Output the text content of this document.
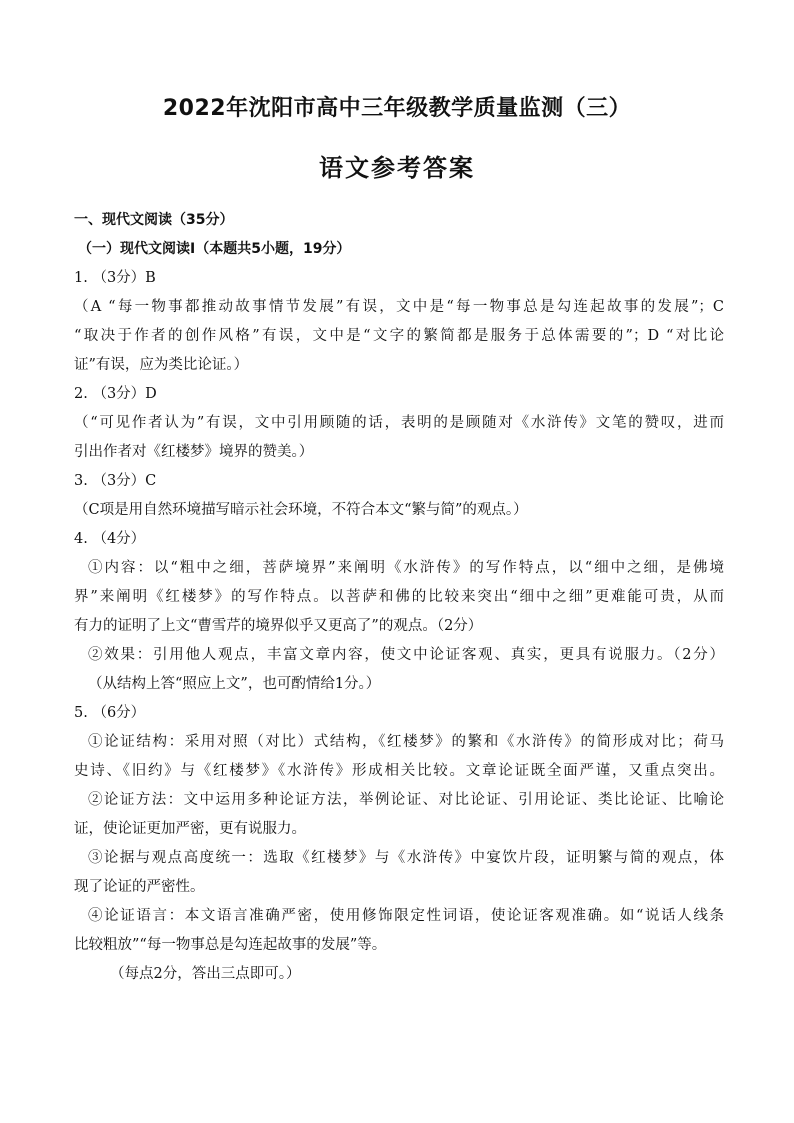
2022年沈阳市高中三年级教学质量监测（三）
语文参考答案
一、现代文阅读（35分）
（一）现代文阅读Ⅰ（本题共5小题，19分）
1. （3分）B
（A “每一物事都推动故事情节发展”有误，文中是“每一物事总是勾连起故事的发展”；C
“取决于作者的创作风格”有误，文中是“文字的繁简都是服务于总体需要的”；D “对比论
证”有误，应为类比论证。）
2. （3分）D
（“可见作者认为”有误，文中引用顾随的话，表明的是顾随对《水浒传》文笔的赞叹，进而
引出作者对《红楼梦》境界的赞美。）
3. （3分）C
（C项是用自然环境描写暗示社会环境，不符合本文“繁与简”的观点。）
4. （4分）
①内容：以“粗中之细，菩萨境界”来阐明《水浒传》的写作特点，以“细中之细，是佛境
界”来阐明《红楼梦》的写作特点。以菩萨和佛的比较来突出“细中之细”更难能可贵，从而
有力的证明了上文“曹雪芹的境界似乎又更高了”的观点。（2分）
②效果：引用他人观点，丰富文章内容，使文中论证客观、真实，更具有说服力。（2分）
（从结构上答“照应上文”，也可酌情给1分。）
5. （6分）
①论证结构：采用对照（对比）式结构，《红楼梦》的繁和《水浒传》的简形成对比；荷马
史诗、《旧约》与《红楼梦》《水浒传》形成相关比较。文章论证既全面严谨，又重点突出。
②论证方法：文中运用多种论证方法，举例论证、对比论证、引用论证、类比论证、比喻论
证，使论证更加严密，更有说服力。
③论据与观点高度统一：选取《红楼梦》与《水浒传》中宴饮片段，证明繁与简的观点，体
现了论证的严密性。
④论证语言：本文语言准确严密，使用修饰限定性词语，使论证客观准确。如“说话人线条
比较粗放”“每一物事总是勾连起故事的发展”等。
（每点2分，答出三点即可。）
